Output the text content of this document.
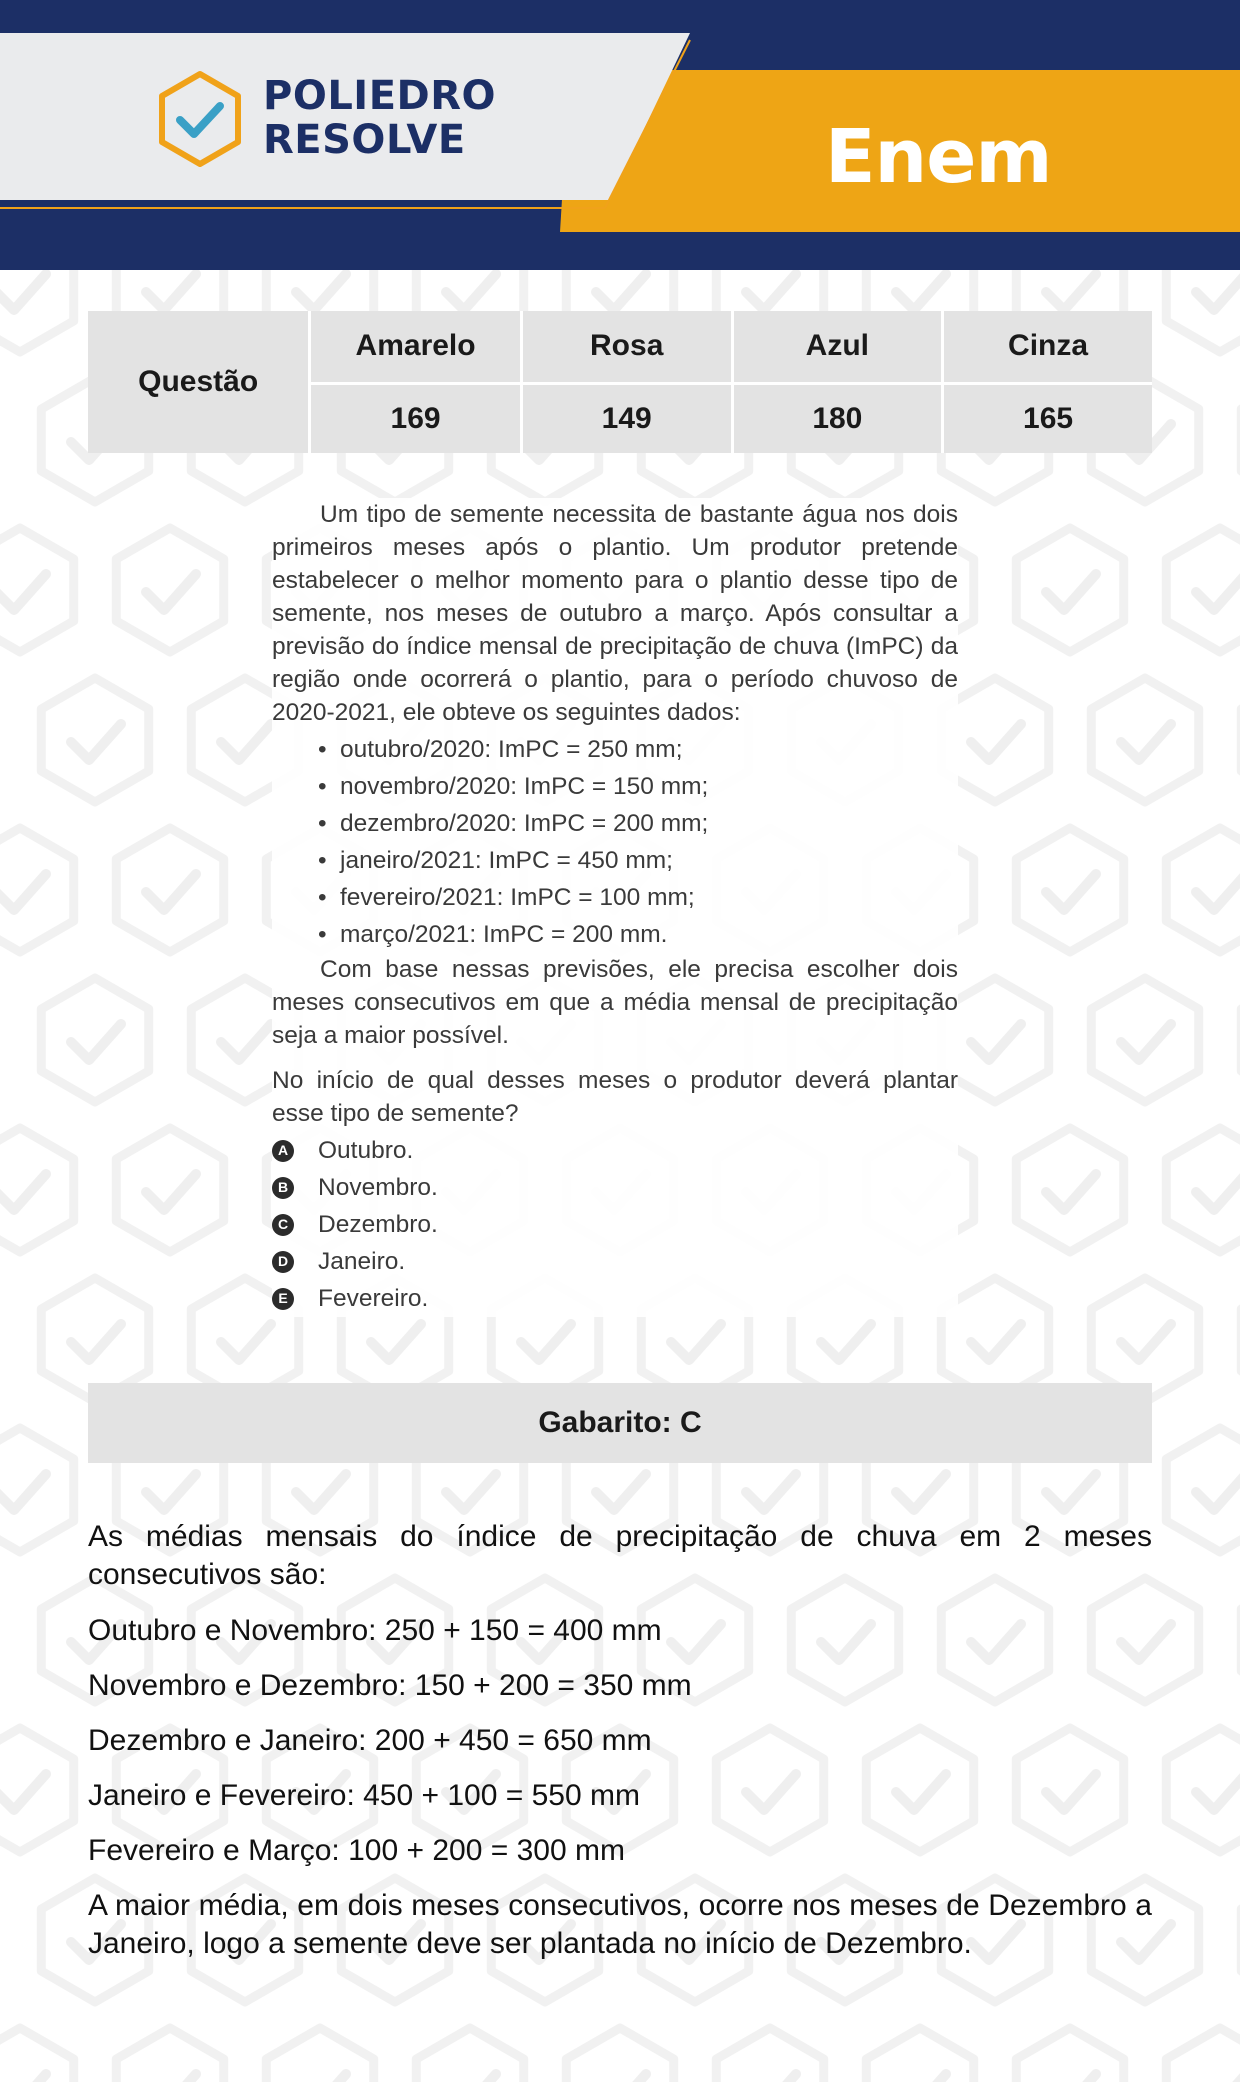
POLIEDRO
RESOLVE	Enem
Questão	Amarelo	Rosa	Azul	Cinza
	169	149	180	165

Um tipo de semente necessita de bastante água nos dois primeiros meses após o plantio. Um produtor pretende estabelecer o melhor momento para o plantio desse tipo de semente, nos meses de outubro a março. Após consultar a previsão do índice mensal de precipitação de chuva (ImPC) da região onde ocorrerá o plantio, para o período chuvoso de 2020-2021, ele obteve os seguintes dados:

• outubro/2020: ImPC = 250 mm;
• novembro/2020: ImPC = 150 mm;
• dezembro/2020: ImPC = 200 mm;
• janeiro/2021: ImPC = 450 mm;
• fevereiro/2021: ImPC = 100 mm;
• março/2021: ImPC = 200 mm.

Com base nessas previsões, ele precisa escolher dois meses consecutivos em que a média mensal de precipitação seja a maior possível.

No início de qual desses meses o produtor deverá plantar esse tipo de semente?

A Outubro.
B Novembro.
C Dezembro.
D Janeiro.
E Fevereiro.
Gabarito: C

As médias mensais do índice de precipitação de chuva em 2 meses consecutivos são:

Outubro e Novembro: 250 + 150 = 400 mm

Novembro e Dezembro: 150 + 200 = 350 mm

Dezembro e Janeiro: 200 + 450 = 650 mm

Janeiro e Fevereiro: 450 + 100 = 550 mm

Fevereiro e Março: 100 + 200 = 300 mm

A maior média, em dois meses consecutivos, ocorre nos meses de Dezembro a Janeiro, logo a semente deve ser plantada no início de Dezembro.
